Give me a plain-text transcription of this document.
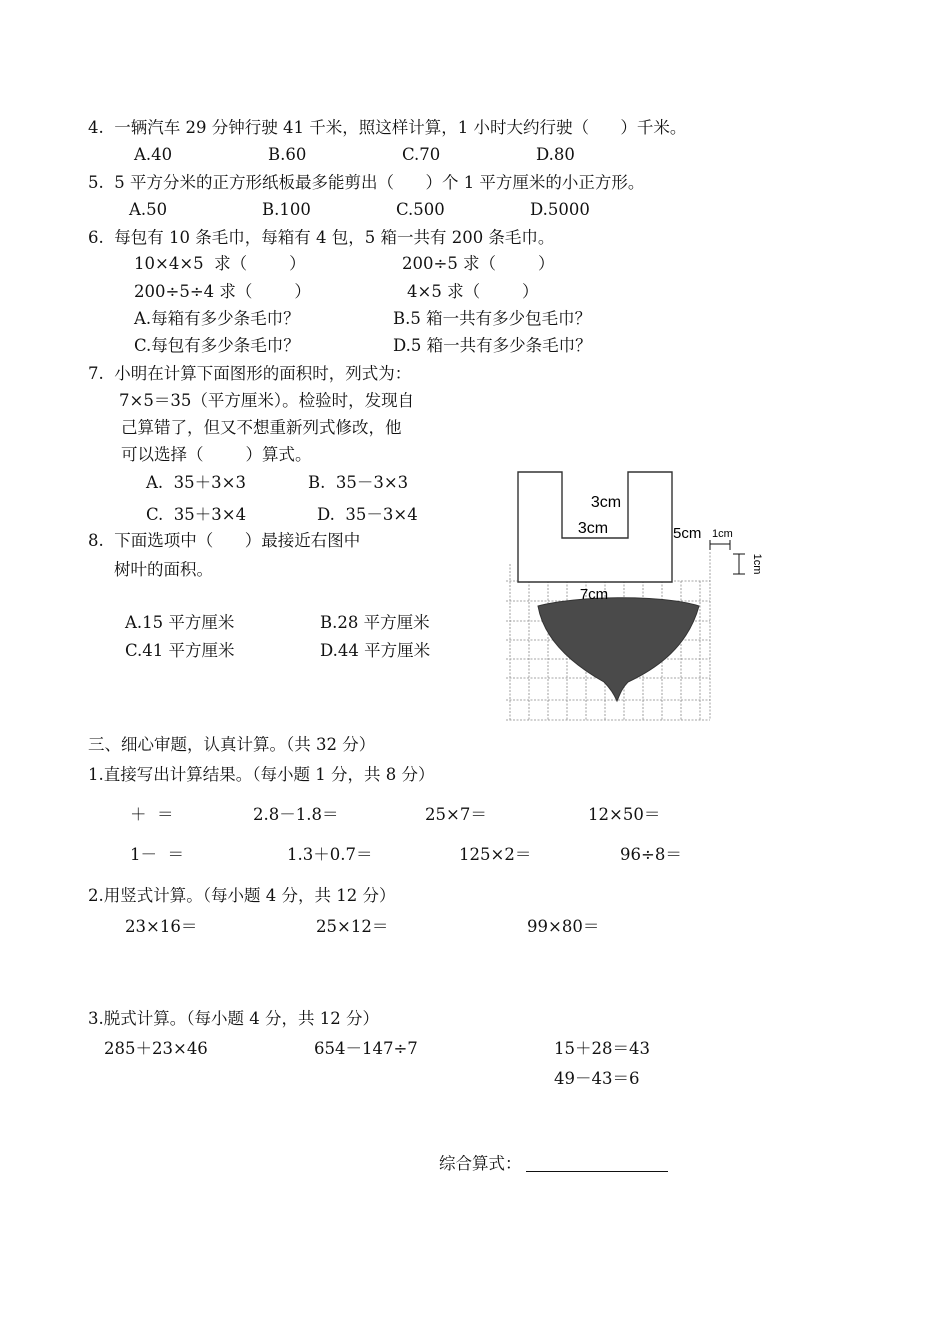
4.  一辆汽车 29 分钟行驶 41 千米，照这样计算，1 小时大约行驶（      ）千米。
A.40	B.60	C.70	D.80
5.  5 平方分米的正方形纸板最多能剪出（      ）个 1 平方厘米的小正方形。
A.50	B.100	C.500	D.5000
6.  每包有 10 条毛巾，每箱有 4 包，5 箱一共有 200 条毛巾。
10×4×5  求（        ）	200÷5 求（        ）
200÷5÷4 求（        ）	4×5 求（        ）
A.每箱有多少条毛巾？	B.5 箱一共有多少包毛巾？
C.每包有多少条毛巾？	D.5 箱一共有多少条毛巾？
7.  小明在计算下面图形的面积时，列式为：
7×5＝35（平方厘米）。检验时，发现自
己算错了，但又不想重新列式修改，他
可以选择（        ）算式。
A.  35＋3×3	B.  35－3×3
C.  35＋3×4	D.  35－3×4
8.  下面选项中（      ）最接近右图中
树叶的面积。
A.15 平方厘米	B.28 平方厘米
C.41 平方厘米	D.44 平方厘米
3cm
3cm	5cm 1cm
1cm
7cm
三、细心审题，认真计算。（共 32 分）
1.直接写出计算结果。（每小题 1 分，共 8 分）
＋  ＝	2.8－1.8＝	25×7＝	12×50＝
1－  ＝	1.3＋0.7＝	125×2＝	96÷8＝
2.用竖式计算。（每小题 4 分，共 12 分）
23×16＝	25×12＝	99×80＝
3.脱式计算。（每小题 4 分，共 12 分）
285＋23×46	654－147÷7	15＋28＝43
49－43＝6
综合算式：
